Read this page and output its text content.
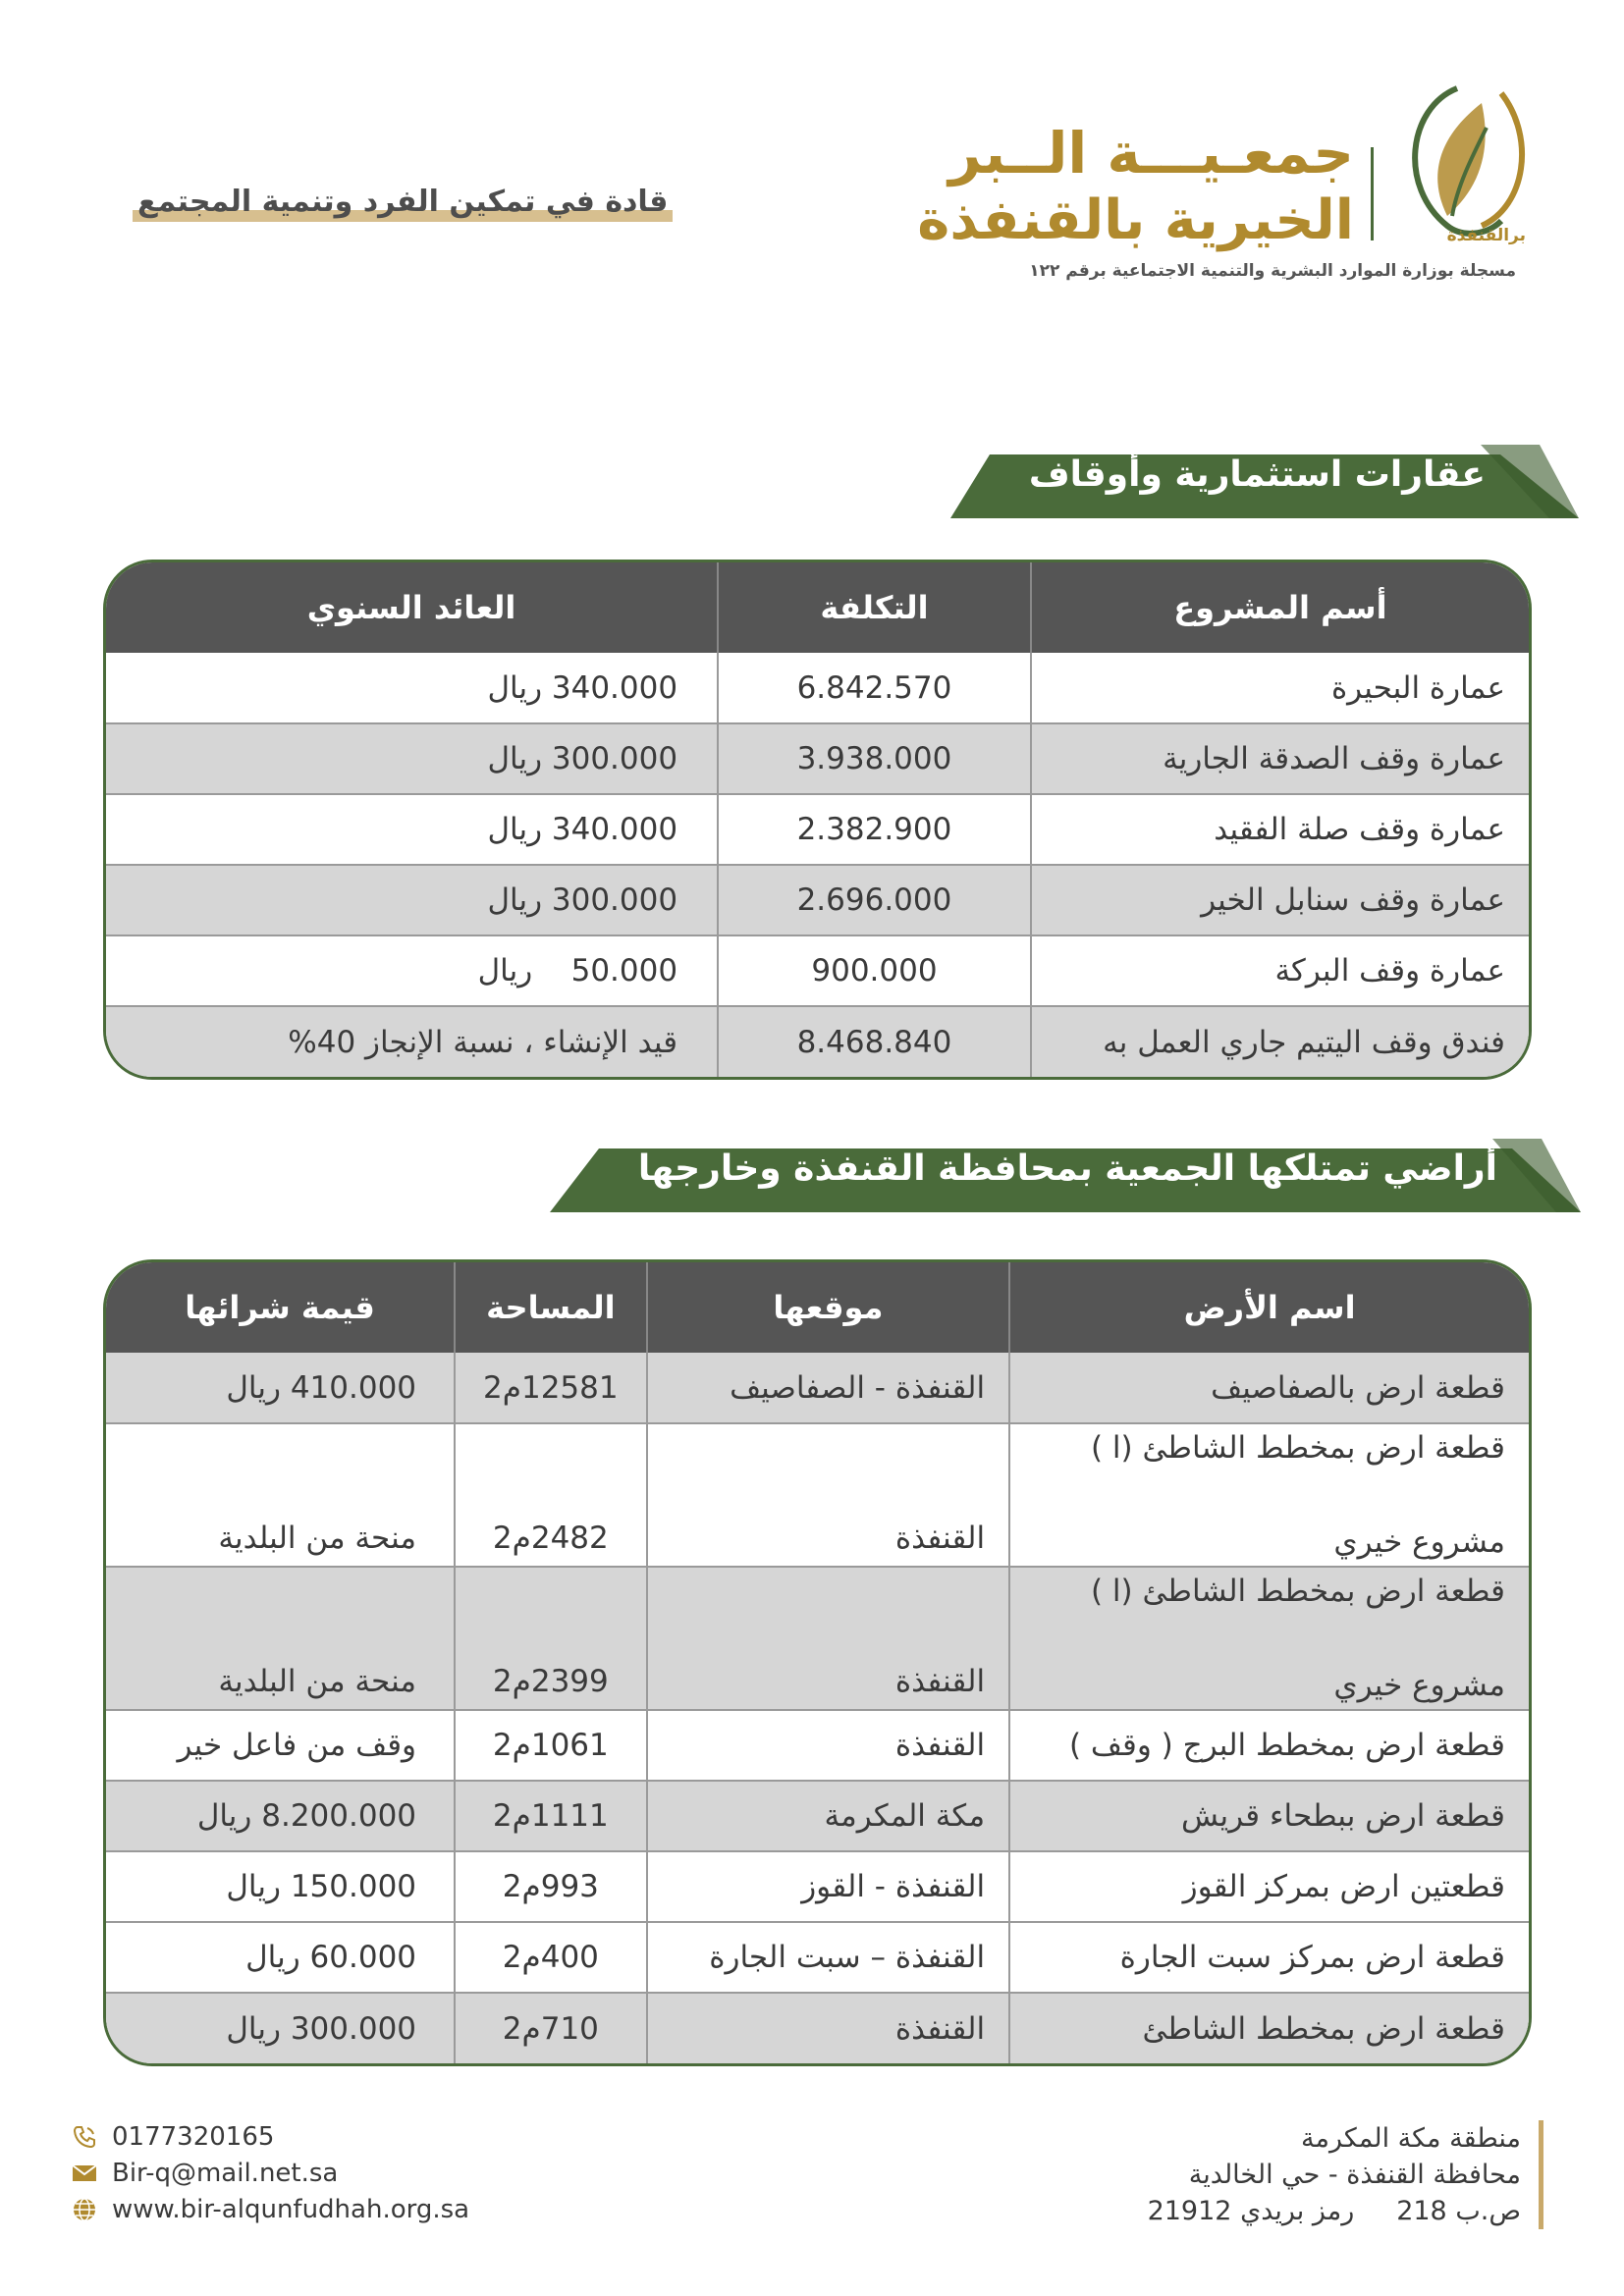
برالقنفذة
جمعـيـــة الــبر
الخيرية بالقنفذة
مسجلة بوزارة الموارد البشرية والتنمية الاجتماعية برقم ١٢٢
قادة في تمكين الفرد وتنمية المجتمع
عقارات استثمارية وأوقاف
أسم المشروع	التكلفة	العائد السنوي
عمارة البحيرة	6.842.570	340.000 ريال
عمارة وقف الصدقة الجارية	3.938.000	300.000 ريال
عمارة وقف صلة الفقيد	2.382.900	340.000 ريال
عمارة وقف سنابل الخير	2.696.000	300.000 ريال
عمارة وقف البركة	900.000	50.000    ريال
فندق وقف اليتيم جاري العمل به	8.468.840	قيد الإنشاء ، نسبة الإنجاز 40%
أراضي تمتلكها الجمعية بمحافظة القنفذة وخارجها
اسم الأرض	موقعها	المساحة	قيمة شرائها
قطعة ارض بالصفاصيف	القنفذة - الصفاصيف	12581م2	410.000 ريال

قطعة ارض بمخطط الشاطئ (ا )
مشروع خيري	القنفذة	2482م2	منحة من البلدية

قطعة ارض بمخطط الشاطئ (ا )
مشروع خيري	القنفذة	2399م2	منحة من البلدية
قطعة ارض بمخطط البرج ( وقف )	القنفذة	1061م2	وقف من فاعل خير
قطعة ارض ببطحاء قريش	مكة المكرمة	1111م2	8.200.000 ريال
قطعتين ارض بمركز القوز	القنفذة - القوز	993م2	150.000 ريال
قطعة ارض بمركز سبت الجارة	القنفذة – سبت الجارة	400م2	60.000 ريال
قطعة ارض بمخطط الشاطئ	القنفذة	710م2	300.000 ريال
0177320165
Bir-q@mail.net.sa
www.bir-alqunfudhah.org.sa
منطقة مكة المكرمة
محافظة القنفذة - حي الخالدية
ص.ب 218     رمز بريدي 21912
